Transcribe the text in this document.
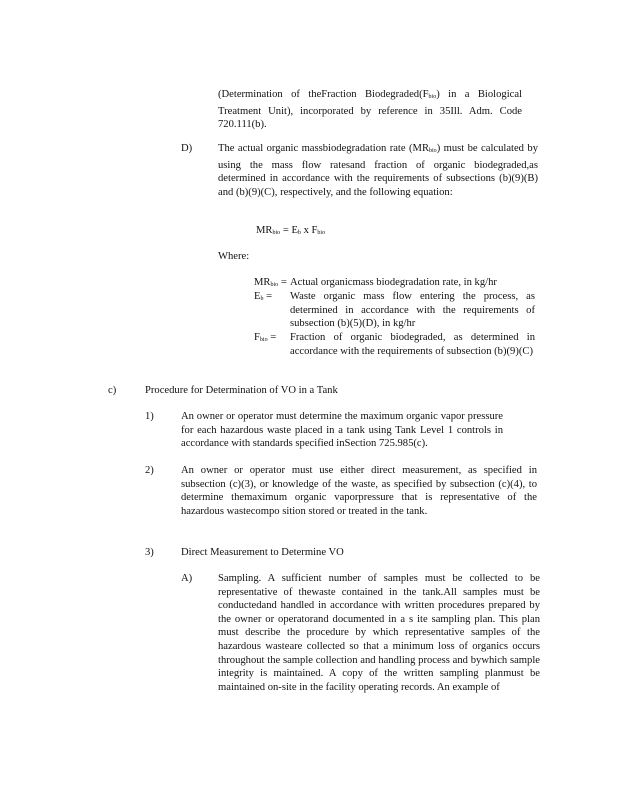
(Determination of theFraction $Biodegraded(F_{bio})$ in a Biological Treatment Unit), incorporated by reference in 35Ill. Adm. Code 720.111(b).
D) The actual organic massbiodegradation rate $(MR_{bio})$ must be calculated by using the mass flow ratesand fraction of organic biodegraded,as determined in accordance with the requirements of subsections (b)(9)(B) and (b)(9)(C), respectively, and the following equation:
$MR_{bio} = E_b$ x $F_{bio}$
Where:
$MR_{bio}$ = Actual organicmass biodegradation rate, in kg/hr
$E_b$ = Waste organic mass flow entering the process, as determined in accordance with the requirements of subsection (b)(5)(D), in kg/hr
$F_{bio}$ = Fraction of organic biodegraded, as determined in accordance with the requirements of subsection (b)(9)(C)
c)	Procedure for Determination of VO in a Tank
1)	An owner or operator must determine the maximum organic vapor pressure for each hazardous waste placed in a tank using Tank Level 1 controls in accordance with standards specified inSection 725.985(c).
2)	An owner or operator must use either direct measurement, as specified in subsection (c)(3), or knowledge of the waste, as specified by subsection (c)(4), to determine themaximum organic vaporpressure that is representative of the hazardous wastecompo sition stored or treated in the tank.
3)	Direct Measurement to Determine VO
A) Sampling. A sufficient number of samples must be collected to be representative of thewaste contained in the tank.All samples must be conductedand handled in accordance with written procedures prepared by the owner or operatorand documented in a s ite sampling plan. This plan must describe the procedure by which representative samples of the hazardous wasteare collected so that a minimum loss of organics occurs throughout the sample collection and handling process and bywhich sample integrity is maintained. A copy of the written sampling planmust be maintained on-site in the facility operating records. An example of
